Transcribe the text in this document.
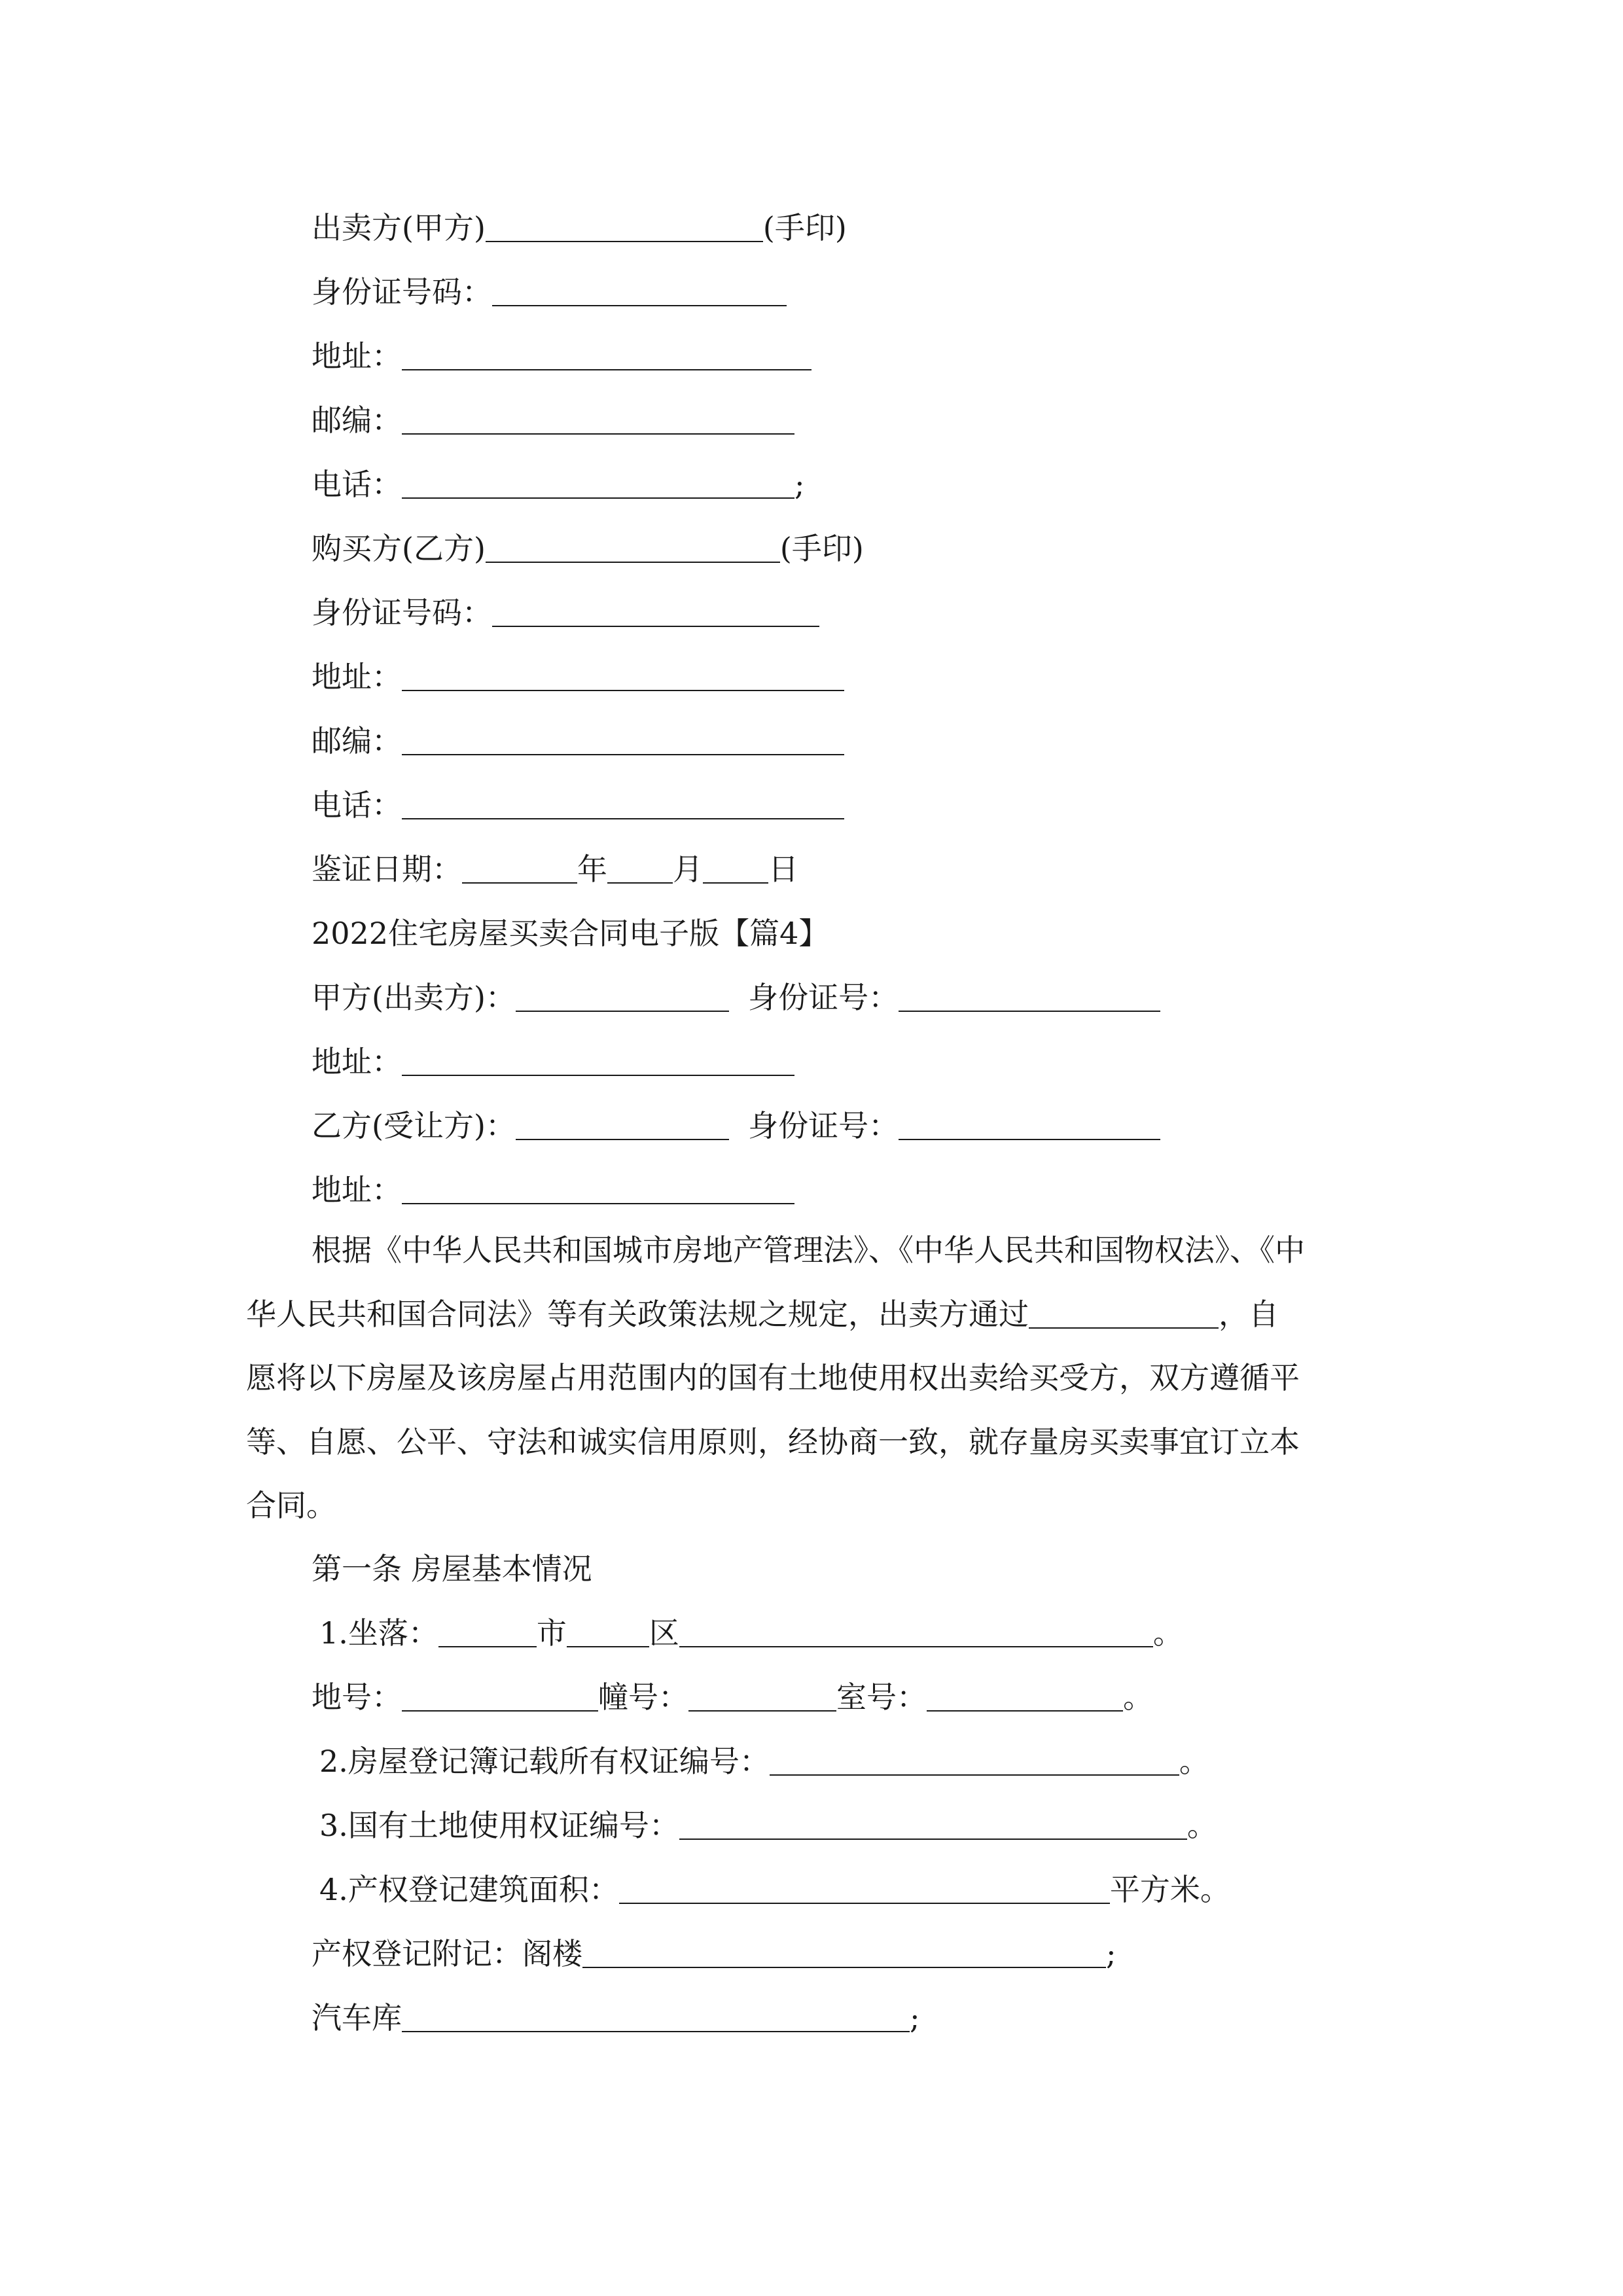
出卖方(甲方)	(手印)
身份证号码：
地址：
邮编：
电话：	;
购买方(乙方)	(手印)
身份证号码：
地址：
邮编：
电话：
鉴证日期：	年 月 日
2022住宅房屋买卖合同电子版【篇4】
甲方(出卖方)：	身份证号：
地址：
乙方(受让方)：	身份证号：
地址：
根据《中华人民共和国城市房地产管理法》、《中华人民共和国物权法》、《中
华人民共和国合同法》等有关政策法规之规定，出卖方通过	，自
愿将以下房屋及该房屋占用范围内的国有土地使用权出卖给买受方，双方遵循平
等、自愿、公平、守法和诚实信用原则，经协商一致，就存量房买卖事宜订立本
合同。
第一条 房屋基本情况
1.坐落：	市	区	。
地号：	幢号：	室号：	。
2.房屋登记簿记载所有权证编号：	。
3.国有土地使用权证编号：	。
4.产权登记建筑面积：	平方米。
产权登记附记：阁楼	;
汽车库	;
